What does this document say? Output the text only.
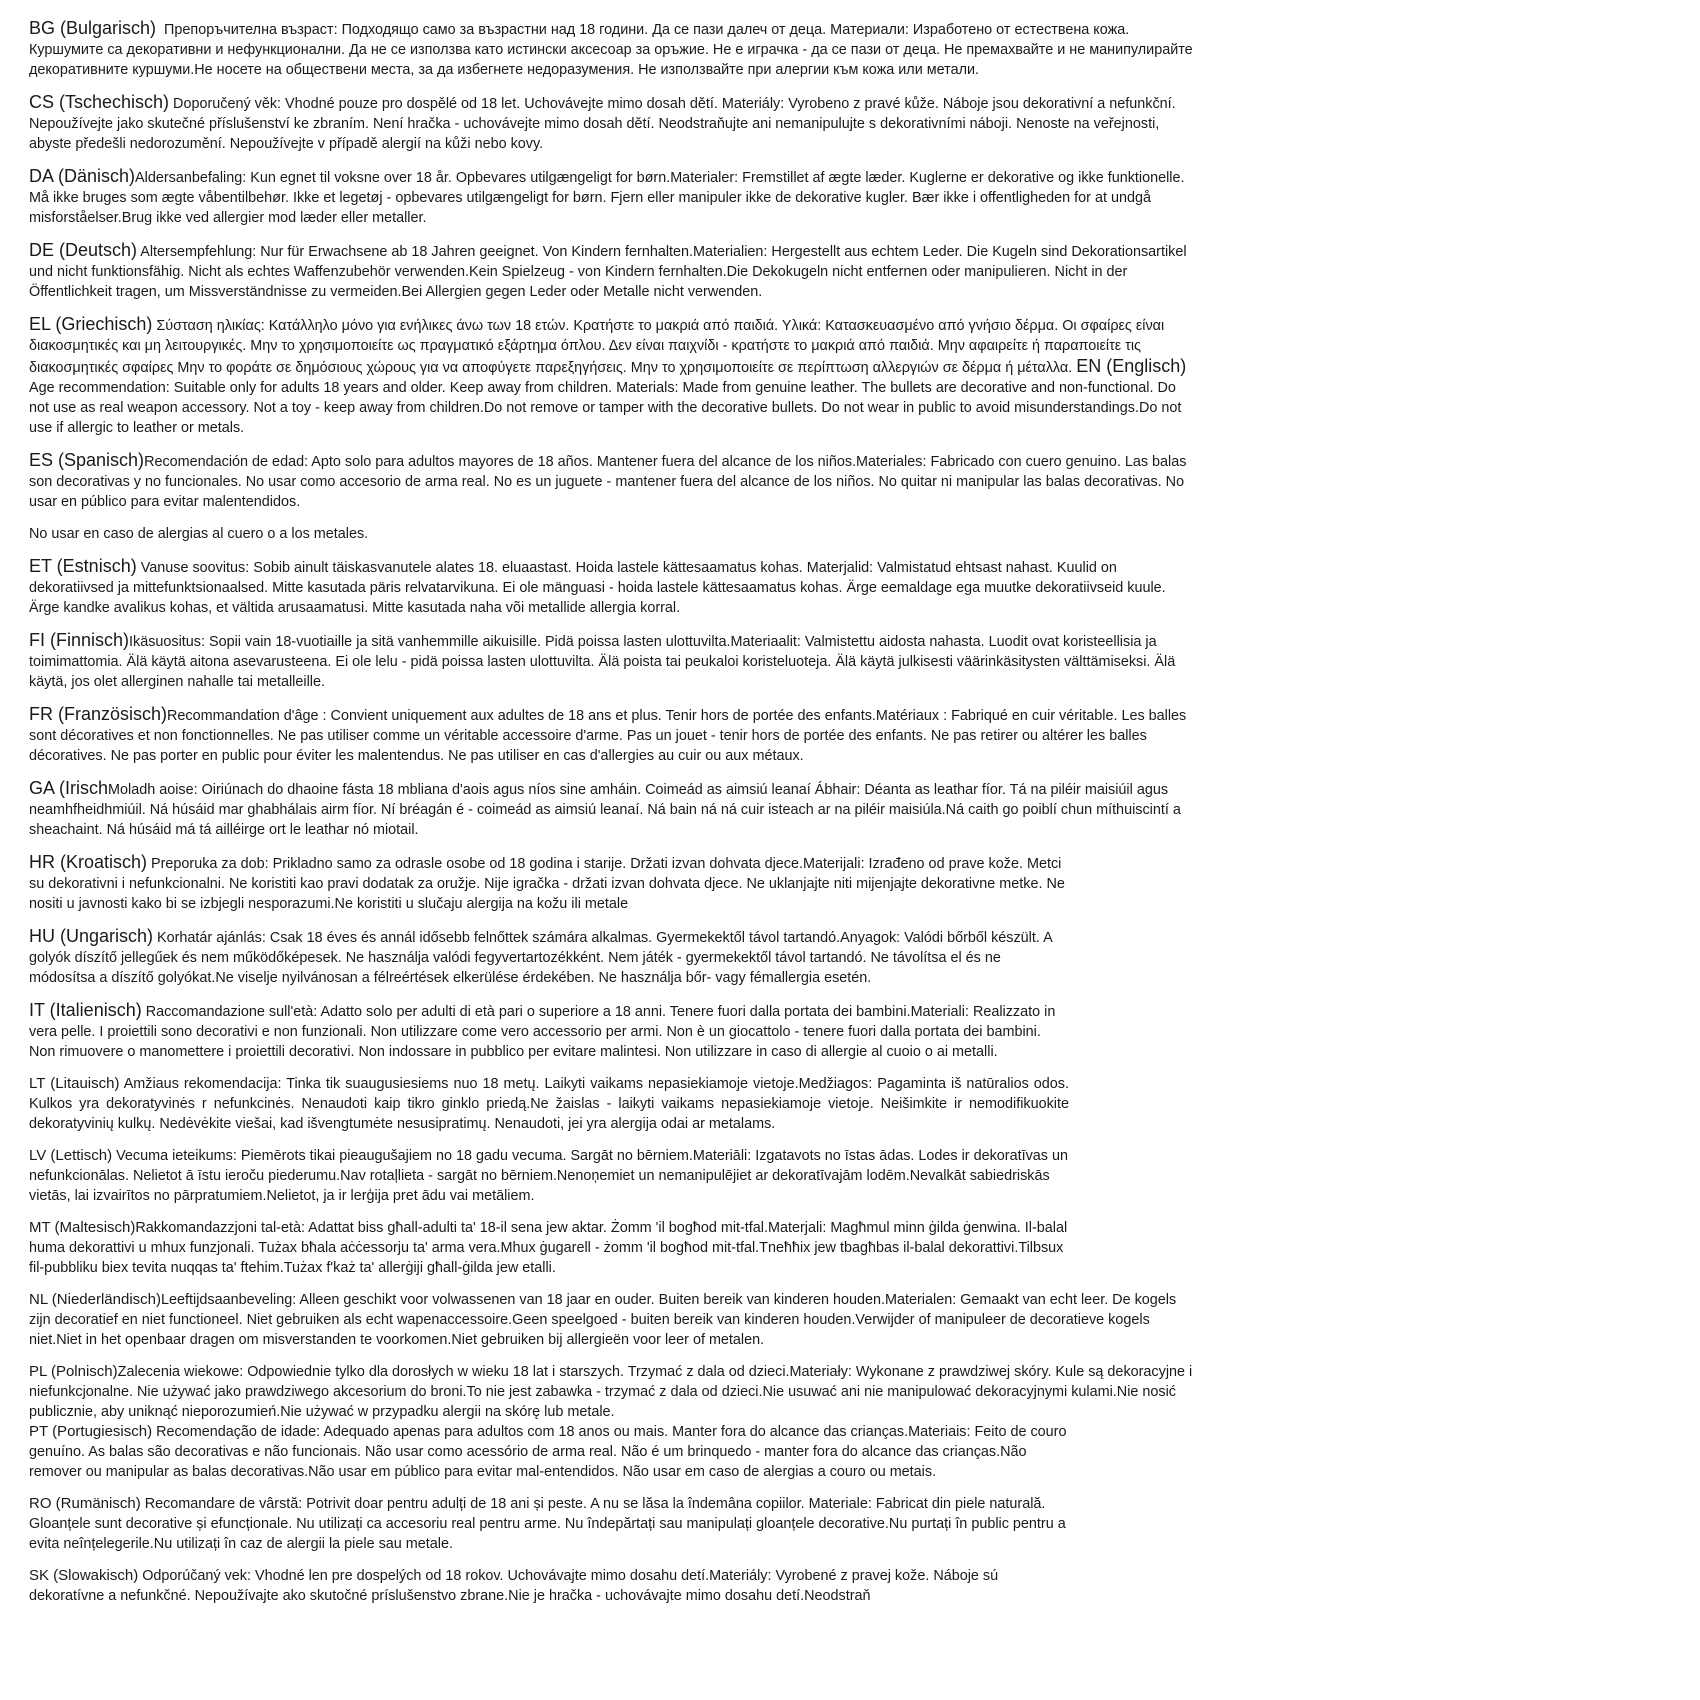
BG (Bulgarisch) Препоръчителна възраст: Подходящо само за възрастни над 18 години. Да се пази далеч от деца. Материали: Изработено от естествена кожа. Куршумите са декоративни и нефункционални. Да не се използва като истински аксесоар за оръжие. Не е играчка - да се пази от деца. Не премахвайте и не манипулирайте декоративните куршуми.Не носете на обществени места, за да избегнете недоразумения. Не използвайте при алергии към кожа или метали.

CS (Tschechisch) Doporučený věk: Vhodné pouze pro dospělé od 18 let. Uchovávejte mimo dosah dětí. Materiály: Vyrobeno z pravé kůže. Náboje jsou dekorativní a nefunkční. Nepoužívejte jako skutečné příslušenství ke zbraním. Není hračka - uchovávejte mimo dosah dětí. Neodstraňujte ani nemanipulujte s dekorativními náboji. Nenoste na veřejnosti, abyste předešli nedorozumění. Nepoužívejte v případě alergií na kůži nebo kovy.

DA (Dänisch)Aldersanbefaling: Kun egnet til voksne over 18 år. Opbevares utilgængeligt for børn.Materialer: Fremstillet af ægte læder. Kuglerne er dekorative og ikke funktionelle. Må ikke bruges som ægte våbentilbehør. Ikke et legetøj - opbevares utilgængeligt for børn. Fjern eller manipuler ikke de dekorative kugler. Bær ikke i offentligheden for at undgå misforståelser.Brug ikke ved allergier mod læder eller metaller.

DE (Deutsch) Altersempfehlung: Nur für Erwachsene ab 18 Jahren geeignet. Von Kindern fernhalten.Materialien: Hergestellt aus echtem Leder. Die Kugeln sind Dekorationsartikel und nicht funktionsfähig. Nicht als echtes Waffenzubehör verwenden.Kein Spielzeug - von Kindern fernhalten.Die Dekokugeln nicht entfernen oder manipulieren. Nicht in der Öffentlichkeit tragen, um Missverständnisse zu vermeiden.Bei Allergien gegen Leder oder Metalle nicht verwenden.

EL (Griechisch) Σύσταση ηλικίας: Κατάλληλο μόνο για ενήλικες άνω των 18 ετών. Κρατήστε το μακριά από παιδιά. Υλικά: Κατασκευασμένο από γνήσιο δέρμα. Οι σφαίρες είναι διακοσμητικές και μη λειτουργικές. Μην το χρησιμοποιείτε ως πραγματικό εξάρτημα όπλου. Δεν είναι παιχνίδι - κρατήστε το μακριά από παιδιά. Μην αφαιρείτε ή παραποιείτε τις διακοσμητικές σφαίρες Μην το φοράτε σε δημόσιους χώρους για να αποφύγετε παρεξηγήσεις. Μην το χρησιμοποιείτε σε περίπτωση αλλεργιών σε δέρμα ή μέταλλα. EN (Englisch) Age recommendation: Suitable only for adults 18 years and older. Keep away from children. Materials: Made from genuine leather. The bullets are decorative and non-functional. Do not use as real weapon accessory. Not a toy - keep away from children.Do not remove or tamper with the decorative bullets. Do not wear in public to avoid misunderstandings.Do not use if allergic to leather or metals.

ES (Spanisch)Recomendación de edad: Apto solo para adultos mayores de 18 años. Mantener fuera del alcance de los niños.Materiales: Fabricado con cuero genuino. Las balas son decorativas y no funcionales. No usar como accesorio de arma real. No es un juguete - mantener fuera del alcance de los niños. No quitar ni manipular las balas decorativas. No usar en público para evitar malentendidos.

No usar en caso de alergias al cuero o a los metales.

ET (Estnisch) Vanuse soovitus: Sobib ainult täiskasvanutele alates 18. eluaastast. Hoida lastele kättesaamatus kohas. Materjalid: Valmistatud ehtsast nahast. Kuulid on dekoratiivsed ja mittefunktsionaalsed. Mitte kasutada päris relvatarvikuna. Ei ole mänguasi - hoida lastele kättesaamatus kohas. Ärge eemaldage ega muutke dekoratiivseid kuule. Ärge kandke avalikus kohas, et vältida arusaamatusi. Mitte kasutada naha või metallide allergia korral.

FI (Finnisch)Ikäsuositus: Sopii vain 18-vuotiaille ja sitä vanhemmille aikuisille. Pidä poissa lasten ulottuvilta.Materiaalit: Valmistettu aidosta nahasta. Luodit ovat koristeellisia ja toimimattomia. Älä käytä aitona asevarusteena. Ei ole lelu - pidä poissa lasten ulottuvilta. Älä poista tai peukaloi koristeluoteja. Älä käytä julkisesti väärinkäsitysten välttämiseksi. Älä käytä, jos olet allerginen nahalle tai metalleille.

FR (Französisch)Recommandation d'âge : Convient uniquement aux adultes de 18 ans et plus. Tenir hors de portée des enfants.Matériaux : Fabriqué en cuir véritable. Les balles sont décoratives et non fonctionnelles. Ne pas utiliser comme un véritable accessoire d'arme. Pas un jouet - tenir hors de portée des enfants. Ne pas retirer ou altérer les balles décoratives. Ne pas porter en public pour éviter les malentendus. Ne pas utiliser en cas d'allergies au cuir ou aux métaux.

GA (IrischMoladh aoise: Oiriúnach do dhaoine fásta 18 mbliana d'aois agus níos sine amháin. Coimeád as aimsiú leanaí Ábhair: Déanta as leathar fíor. Tá na piléir maisiúil agus neamhfheidhmiúil. Ná húsáid mar ghabhálais airm fíor. Ní bréagán é - coimeád as aimsiú leanaí. Ná bain ná ná cuir isteach ar na piléir maisiúla.Ná caith go poiblí chun míthuiscintí a sheachaint. Ná húsáid má tá ailléirge ort le leathar nó miotail.

HR (Kroatisch) Preporuka za dob: Prikladno samo za odrasle osobe od 18 godina i starije. Držati izvan dohvata djece.Materijali: Izrađeno od prave kože. Metci su dekorativni i nefunkcionalni. Ne koristiti kao pravi dodatak za oružje. Nije igračka - držati izvan dohvata djece. Ne uklanjajte niti mijenjajte dekorativne metke. Ne nositi u javnosti kako bi se izbjegli nesporazumi.Ne koristiti u slučaju alergija na kožu ili metale

HU (Ungarisch) Korhatár ajánlás: Csak 18 éves és annál idősebb felnőttek számára alkalmas. Gyermekektől távol tartandó.Anyagok: Valódi bőrből készült. A golyók díszítő jellegűek és nem működőképesek. Ne használja valódi fegyvertartozékként. Nem játék - gyermekektől távol tartandó. Ne távolítsa el és ne módosítsa a díszítő golyókat.Ne viselje nyilvánosan a félreértések elkerülése érdekében. Ne használja bőr- vagy fémallergia esetén.

IT (Italienisch) Raccomandazione sull'età: Adatto solo per adulti di età pari o superiore a 18 anni. Tenere fuori dalla portata dei bambini.Materiali: Realizzato in vera pelle. I proiettili sono decorativi e non funzionali. Non utilizzare come vero accessorio per armi. Non è un giocattolo - tenere fuori dalla portata dei bambini. Non rimuovere o manomettere i proiettili decorativi. Non indossare in pubblico per evitare malintesi. Non utilizzare in caso di allergie al cuoio o ai metalli.

LT (Litauisch) Amžiaus rekomendacija: Tinka tik suaugusiesiems nuo 18 metų. Laikyti vaikams nepasiekiamoje vietoje.Medžiagos: Pagaminta iš natūralios odos. Kulkos yra dekoratyvinės r nefunkcinės. Nenaudoti kaip tikro ginklo priedą.Ne žaislas - laikyti vaikams nepasiekiamoje vietoje. Neišimkite ir nemodifikuokite dekoratyvinių kulkų. Nedėvėkite viešai, kad išvengtumėte nesusipratimų. Nenaudoti, jei yra alergija odai ar metalams.

LV (Lettisch) Vecuma ieteikums: Piemērots tikai pieaugušajiem no 18 gadu vecuma. Sargāt no bērniem.Materiāli: Izgatavots no īstas ādas. Lodes ir dekoratīvas un nefunkcionālas. Nelietot ā īstu ieroču piederumu.Nav rotaļlieta - sargāt no bērniem.Nenoņemiet un nemanipulējiet ar dekoratīvajām lodēm.Nevalkāt sabiedriskās vietās, lai izvairītos no pārpratumiem.Nelietot, ja ir lerģija pret ādu vai metāliem.

MT (Maltesisch)Rakkomandazzjoni tal-età: Adattat biss għall-adulti ta' 18-il sena jew aktar. Żomm 'il bogħod mit-tfal.Materjali: Magħmul minn ġilda ġenwina. Il-balal huma dekorattivi u mhux funzjonali. Tużax bħala aċċessorju ta' arma vera.Mhux ġugarell - żomm 'il bogħod mit-tfal.Tneħħix jew tbagħbas il-balal dekorattivi.Tilbsux fil-pubbliku biex tevita nuqqas ta' ftehim.Tużax f'każ ta' allerġiji għall-ġilda jew etalli.

NL (Niederländisch)Leeftijdsaanbeveling: Alleen geschikt voor volwassenen van 18 jaar en ouder. Buiten bereik van kinderen houden.Materialen: Gemaakt van echt leer. De kogels zijn decoratief en niet functioneel. Niet gebruiken als echt wapenaccessoire.Geen speelgoed - buiten bereik van kinderen houden.Verwijder of manipuleer de decoratieve kogels niet.Niet in het openbaar dragen om misverstanden te voorkomen.Niet gebruiken bij allergieën voor leer of metalen.

PL (Polnisch)Zalecenia wiekowe: Odpowiednie tylko dla dorosłych w wieku 18 lat i starszych. Trzymać z dala od dzieci.Materiały: Wykonane z prawdziwej skóry. Kule są dekoracyjne i niefunkcjonalne. Nie używać jako prawdziwego akcesorium do broni.To nie jest zabawka - trzymać z dala od dzieci.Nie usuwać ani nie manipulować dekoracyjnymi kulami.Nie nosić publicznie, aby uniknąć nieporozumień.Nie używać w przypadku alergii na skórę lub metale.

PT (Portugiesisch) Recomendação de idade: Adequado apenas para adultos com 18 anos ou mais. Manter fora do alcance das crianças.Materiais: Feito de couro genuíno. As balas são decorativas e não funcionais. Não usar como acessório de arma real. Não é um brinquedo - manter fora do alcance das crianças.Não remover ou manipular as balas decorativas.Não usar em público para evitar mal-entendidos. Não usar em caso de alergias a couro ou metais.

RO (Rumänisch) Recomandare de vârstă: Potrivit doar pentru adulți de 18 ani și peste. A nu se lăsa la îndemâna copiilor. Materiale: Fabricat din piele naturală. Gloanțele sunt decorative și efuncționale. Nu utilizați ca accesoriu real pentru arme. Nu îndepărtați sau manipulați gloanțele decorative.Nu purtați în public pentru a evita neînțelegerile.Nu utilizați în caz de alergii la piele sau metale.

SK (Slowakisch) Odporúčaný vek: Vhodné len pre dospelých od 18 rokov. Uchovávajte mimo dosahu detí.Materiály: Vyrobené z pravej kože. Náboje sú dekoratívne a nefunkčné. Nepoužívajte ako skutočné príslušenstvo zbrane.Nie je hračka - uchovávajte mimo dosahu detí.Neodstraň
